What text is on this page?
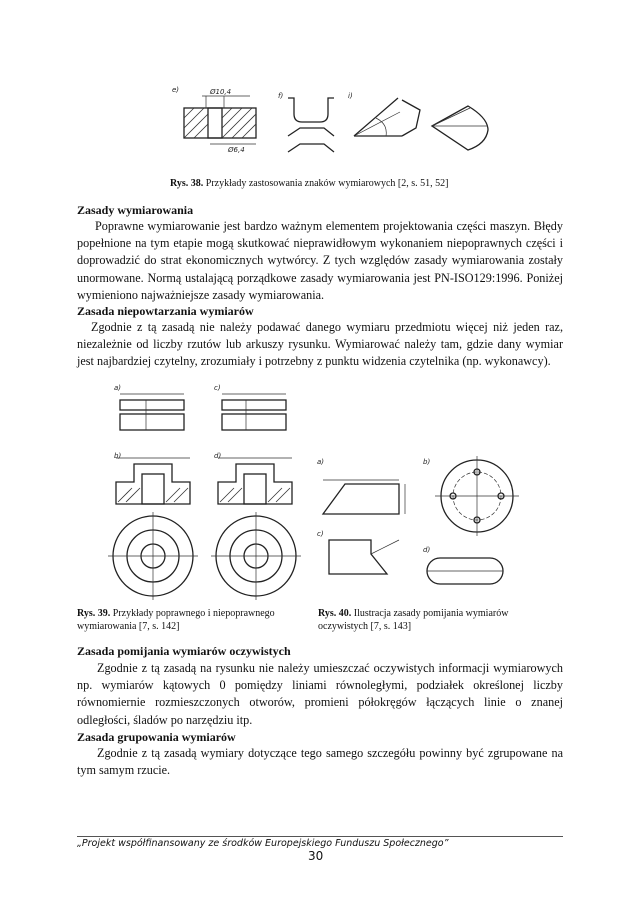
e)	Ø10,4
Ø6,4
f)	i)
Rys. 38. Przykłady zastosowania znaków wymiarowych [2, s. 51, 52]
Zasady wymiarowania
Poprawne wymiarowanie jest bardzo ważnym elementem projektowania części maszyn. Błędy popełnione na tym etapie mogą skutkować nieprawidłowym wykonaniem niepoprawnych części i doprowadzić do strat ekonomicznych wytwórcy. Z tych względów zasady wymiarowania zostały unormowane. Normą ustalającą porządkowe zasady wymiarowania jest PN-ISO129:1996. Poniżej wymieniono najważniejsze zasady wymiarowania.
Zasada niepowtarzania wymiarów
Zgodnie z tą zasadą nie należy podawać danego wymiaru przedmiotu więcej niż jeden raz, niezależnie od liczby rzutów lub arkuszy rysunku. Wymiarować należy tam, gdzie dany wymiar jest najbardziej czytelny, zrozumiały i potrzebny z punktu widzenia czytelnika (np. wykonawcy).
a)	c)
b)	d)
a)	b)
c)
d)
Rys. 39. Przykłady poprawnego i niepoprawnego wymiarowania [7, s. 142]
Rys. 40. Ilustracja zasady pomijania wymiarów oczywistych [7, s. 143]
Zasada pomijania wymiarów oczywistych
Zgodnie z tą zasadą na rysunku nie należy umieszczać oczywistych informacji wymiarowych np. wymiarów kątowych 0 pomiędzy liniami równoległymi, podziałek określonej liczby równomiernie rozmieszczonych otworów, promieni półokręgów łączących linie o znanej odległości, śladów po narzędziu itp.
Zasada grupowania wymiarów
Zgodnie z tą zasadą wymiary dotyczące tego samego szczegółu powinny być zgrupowane na tym samym rzucie.
„Projekt współfinansowany ze środków Europejskiego Funduszu Społecznego”
30
